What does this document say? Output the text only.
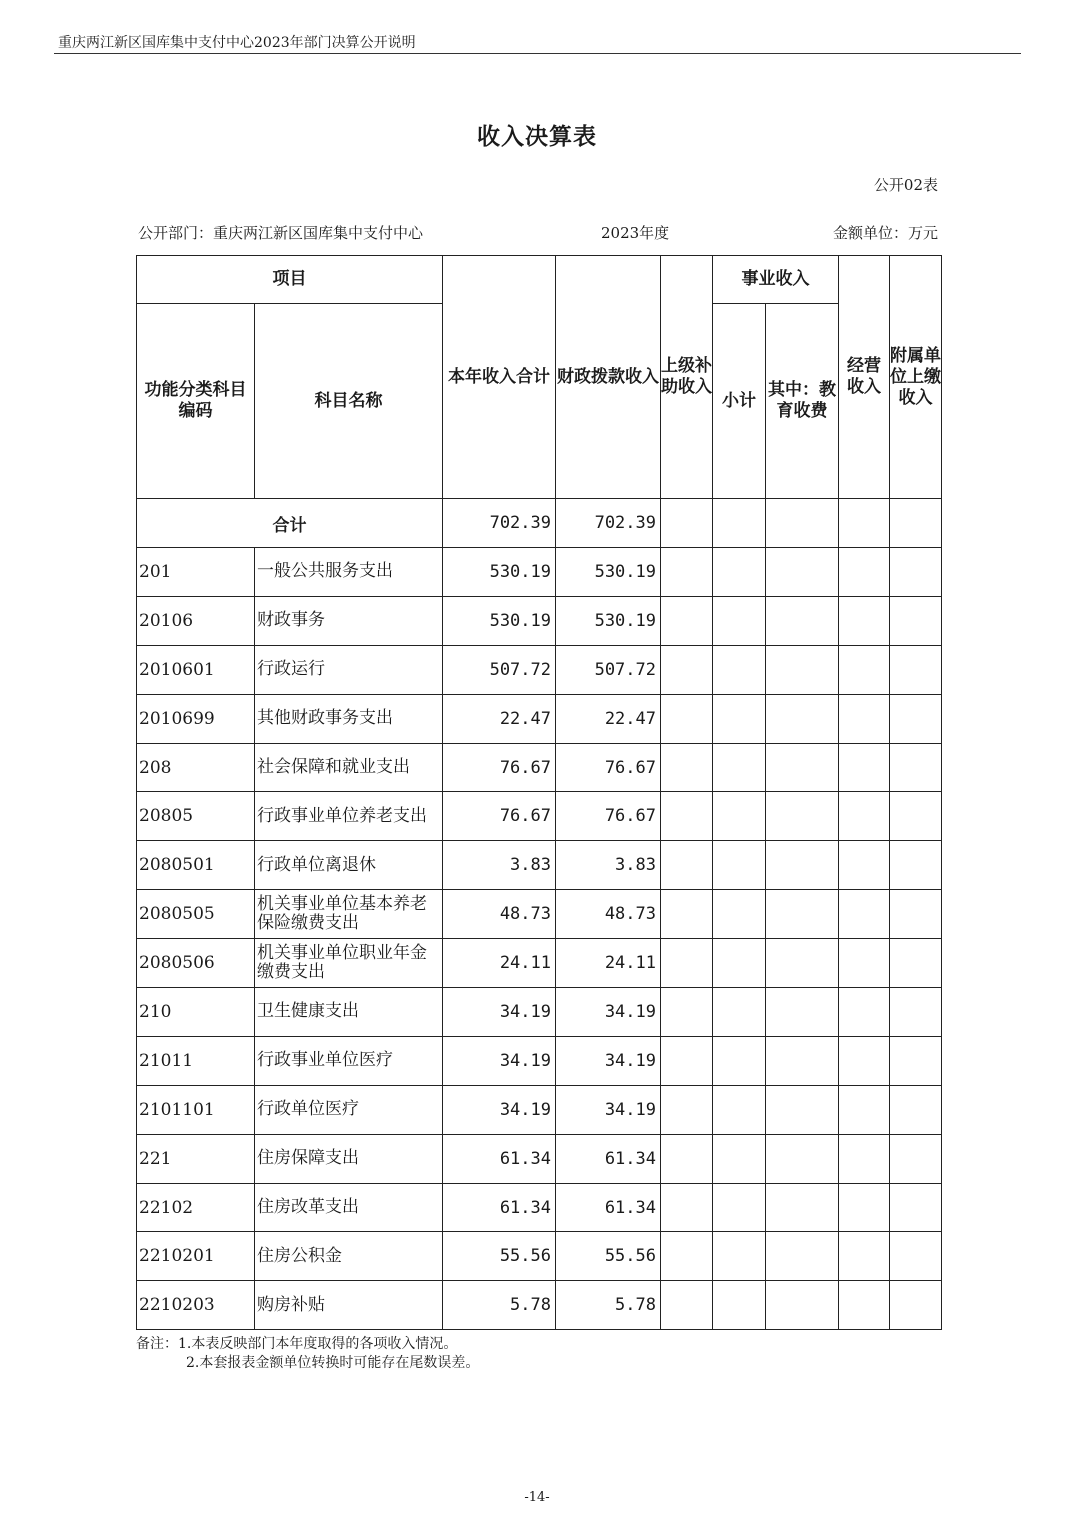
重庆两江新区国库集中支付中心2023年部门决算公开说明
收入决算表
公开02表
公开部门：重庆两江新区国库集中支付中心	2023年度	金额单位：万元
项目		本年收入合计	财政拨款收入	上级补助收入	事业收入		经营收入	附属单位上缴收入
功能分类科目编码	科目名称				小计	其中：教育收费		
合计		702.39	702.39					
201	一般公共服务支出	530.19	530.19					
20106	财政事务	530.19	530.19					
2010601	行政运行	507.72	507.72					
2010699	其他财政事务支出	22.47	22.47					
208	社会保障和就业支出	76.67	76.67					
20805	行政事业单位养老支出	76.67	76.67					
2080501	行政单位离退休	3.83	3.83					
2080505	机关事业单位基本养老保险缴费支出	48.73	48.73					
2080506	机关事业单位职业年金缴费支出	24.11	24.11					
210	卫生健康支出	34.19	34.19					
21011	行政事业单位医疗	34.19	34.19					
2101101	行政单位医疗	34.19	34.19					
221	住房保障支出	61.34	61.34					
22102	住房改革支出	61.34	61.34					
2210201	住房公积金	55.56	55.56					
2210203	购房补贴	5.78	5.78					
备注：1.本表反映部门本年度取得的各项收入情况。
2.本套报表金额单位转换时可能存在尾数误差。
-14-
